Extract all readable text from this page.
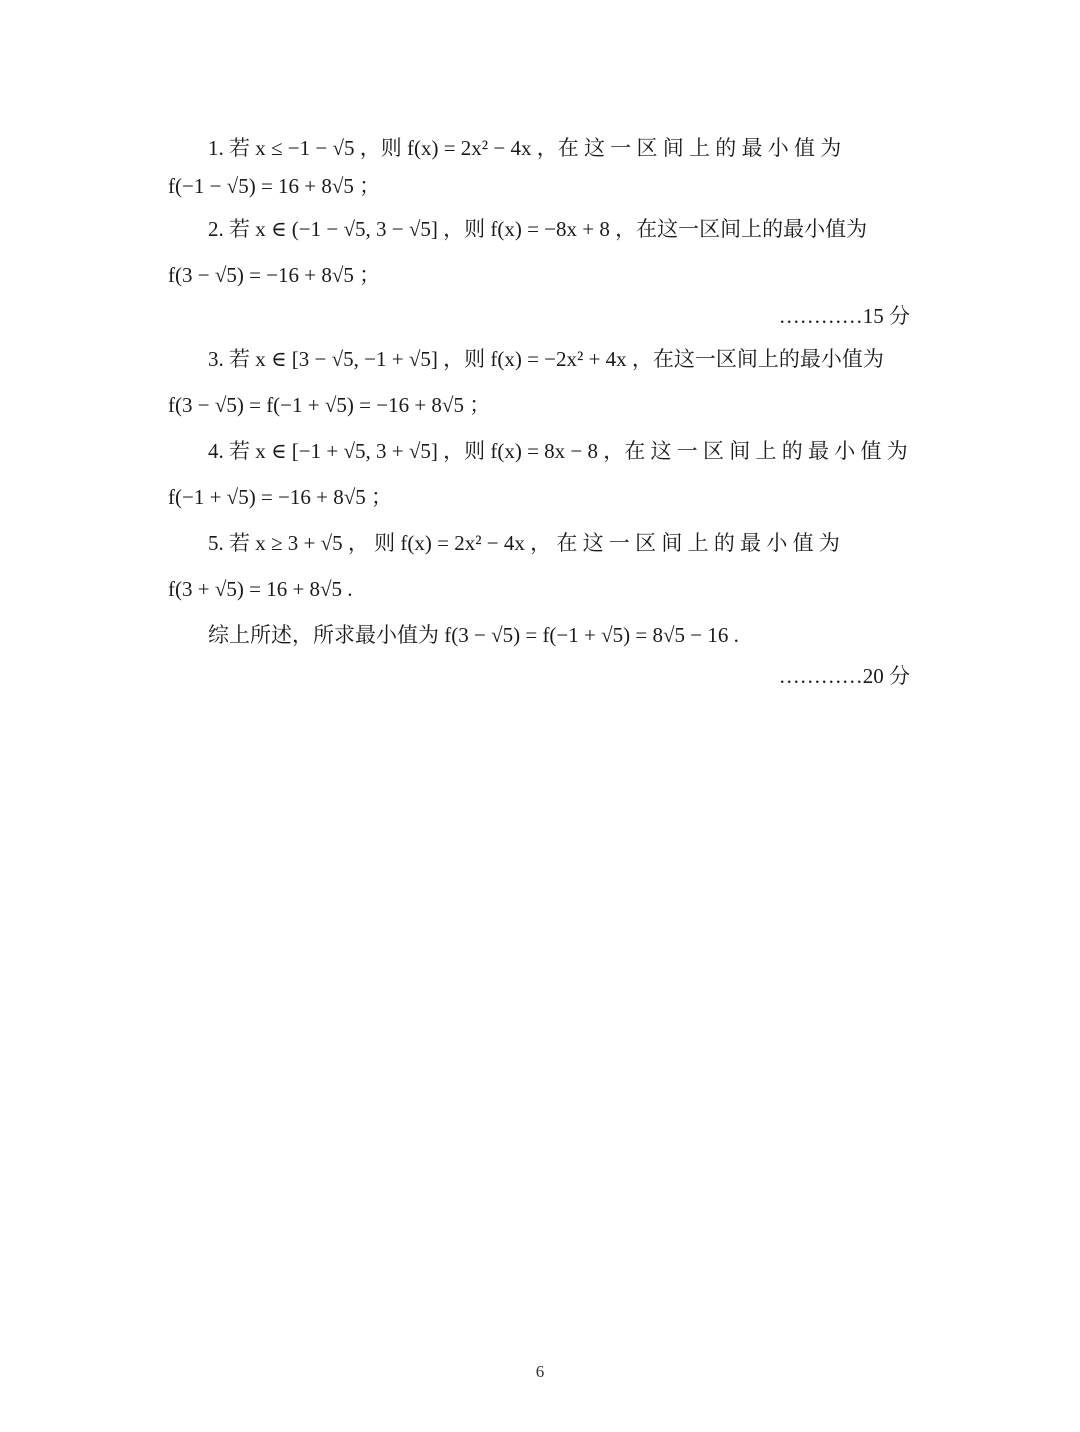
1. 若 x ≤ −1 − √5 ，则 f(x) = 2x² − 4x ，在 这 一 区 间 上 的 最 小 值 为
f(−1 − √5) = 16 + 8√5 ；
2. 若 x ∈ (−1 − √5, 3 − √5] ，则 f(x) = −8x + 8 ，在这一区间上的最小值为
f(3 − √5) = −16 + 8√5 ；
…………15 分
3. 若 x ∈ [3 − √5, −1 + √5] ，则 f(x) = −2x² + 4x ，在这一区间上的最小值为
f(3 − √5) = f(−1 + √5) = −16 + 8√5 ；
4. 若 x ∈ [−1 + √5, 3 + √5] ，则 f(x) = 8x − 8 ，在 这 一 区 间 上 的 最 小 值 为
f(−1 + √5) = −16 + 8√5 ；
5. 若 x ≥ 3 + √5 ， 则 f(x) = 2x² − 4x ， 在 这 一 区 间 上 的 最 小 值 为
f(3 + √5) = 16 + 8√5 .
综上所述，所求最小值为 f(3 − √5) = f(−1 + √5) = 8√5 − 16 .
…………20 分
6
